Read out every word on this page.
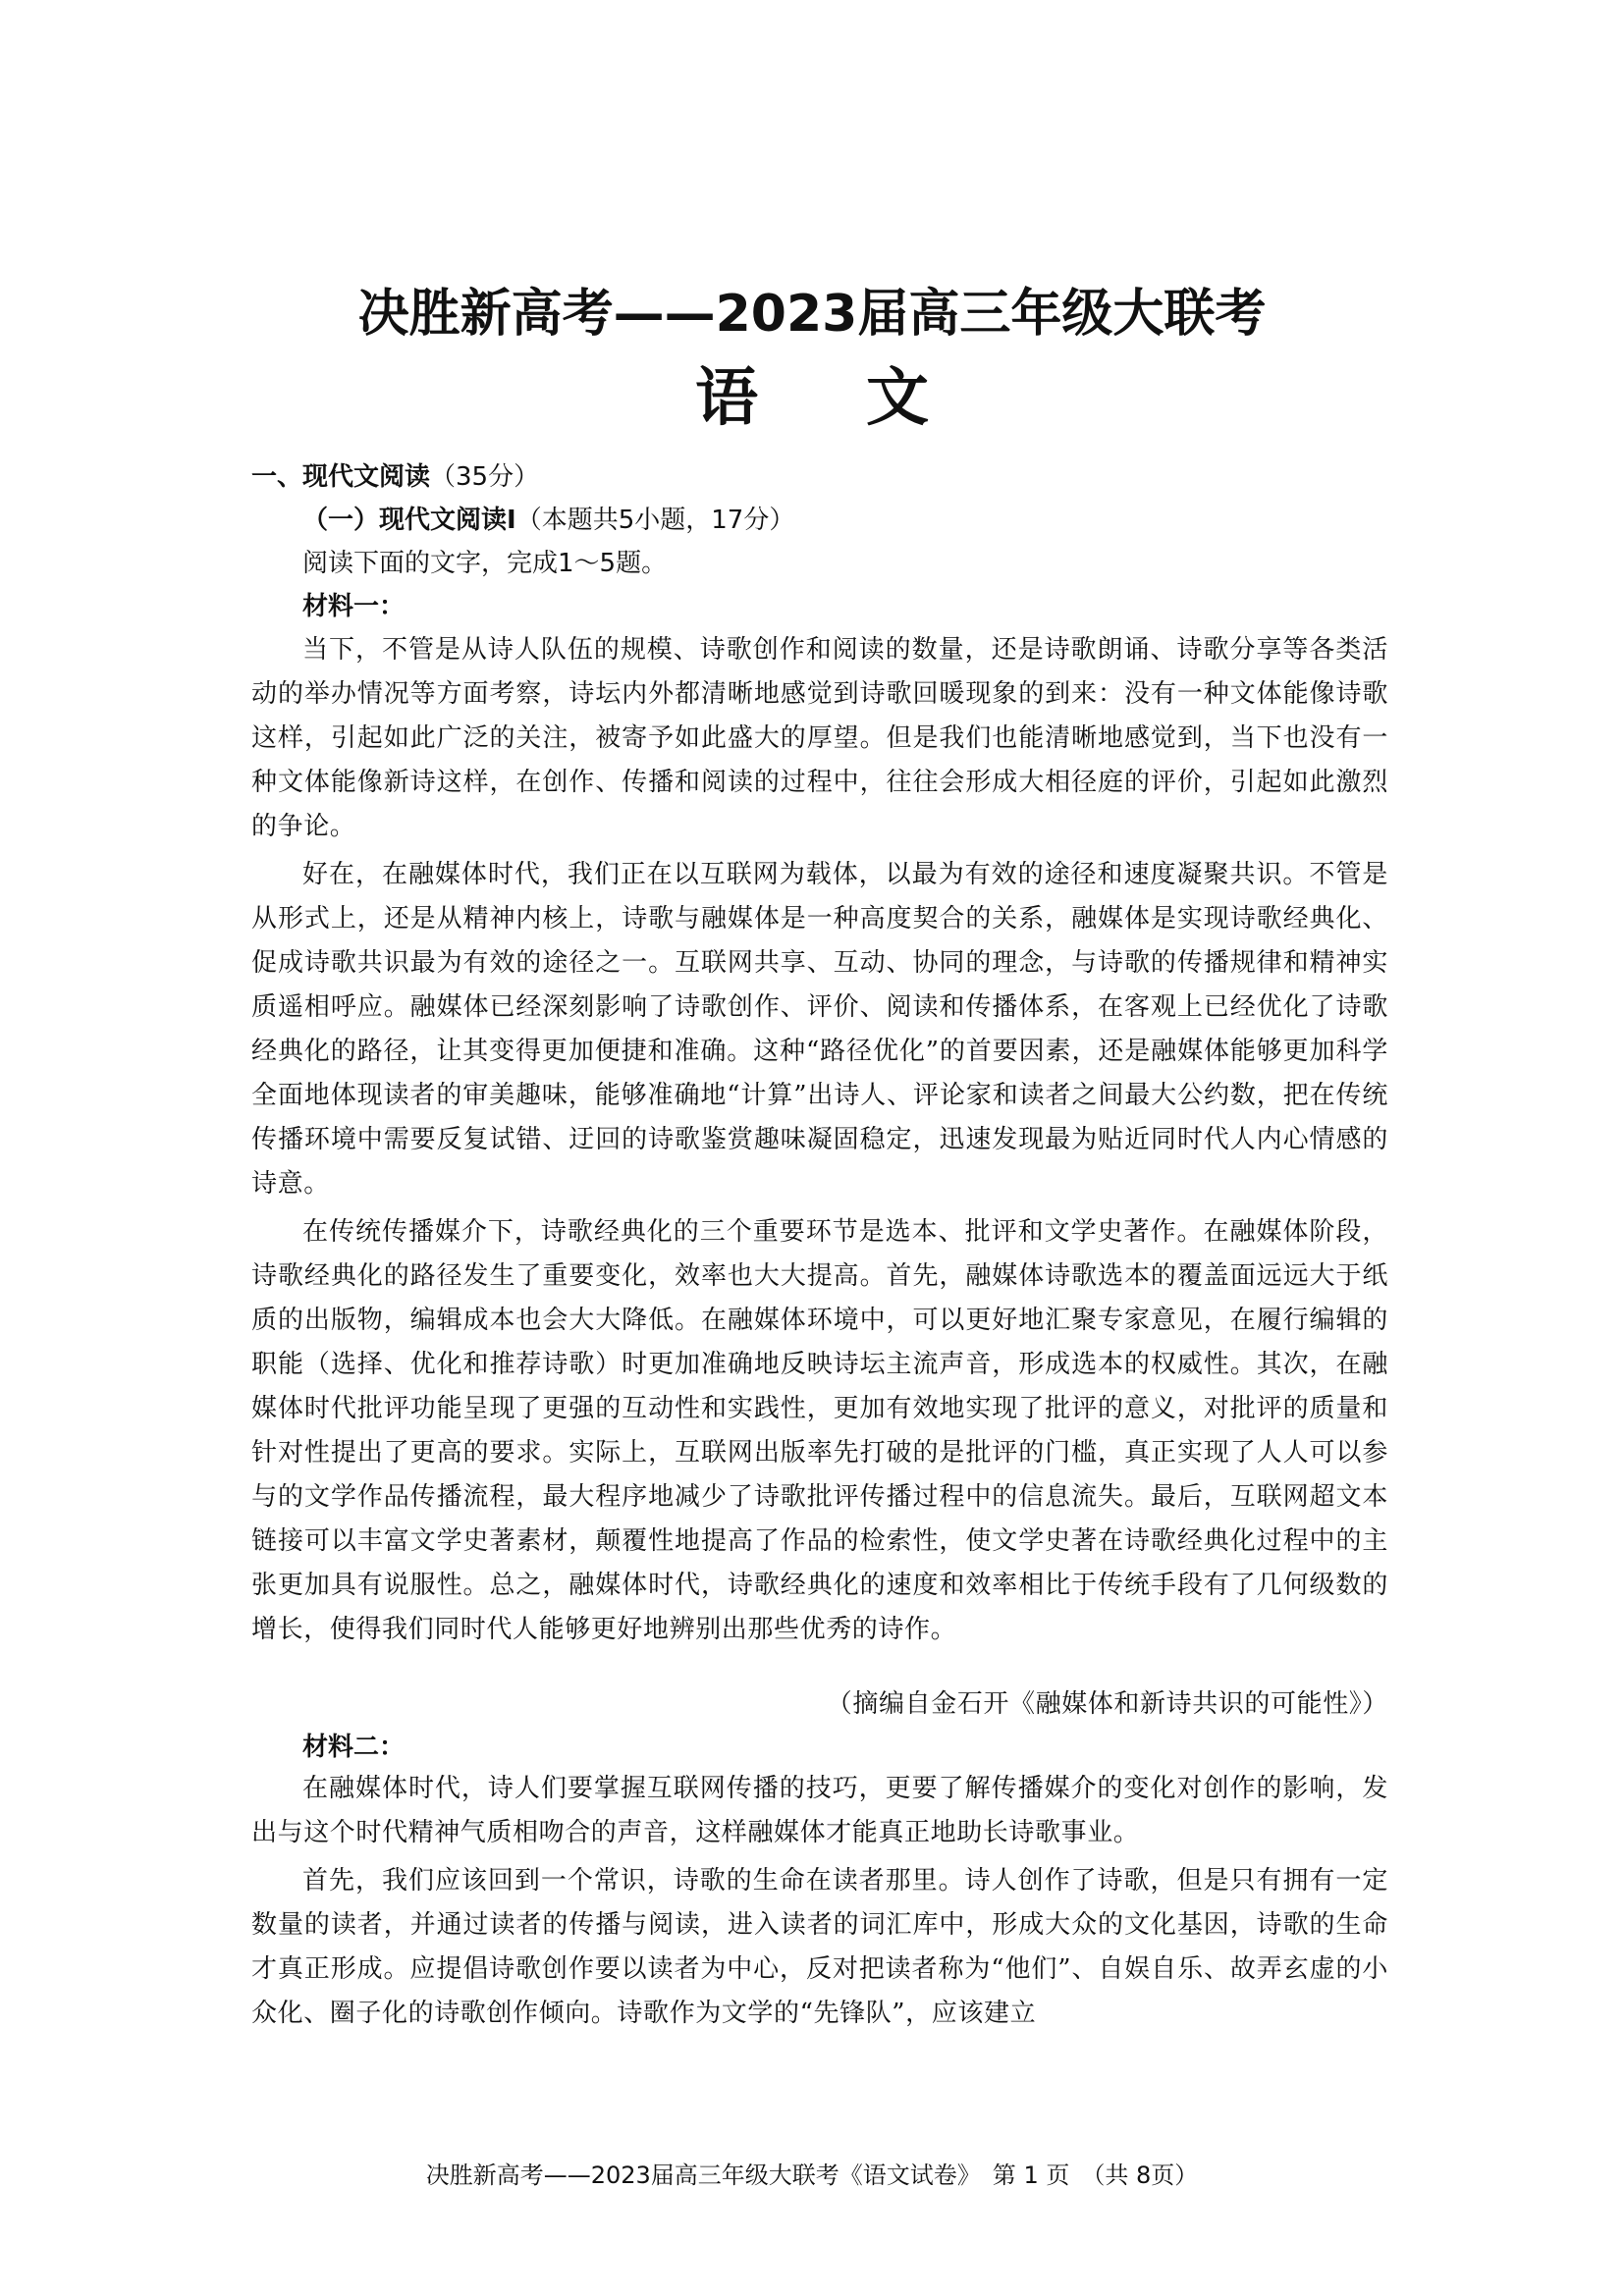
决胜新高考——2023届高三年级大联考
语文
一、现代文阅读（35分）
（一）现代文阅读Ⅰ（本题共5小题，17分）
阅读下面的文字，完成1～5题。
材料一：

当下，不管是从诗人队伍的规模、诗歌创作和阅读的数量，还是诗歌朗诵、诗歌分享等各类活动的举办情况等方面考察，诗坛内外都清晰地感觉到诗歌回暖现象的到来：没有一种文体能像诗歌这样，引起如此广泛的关注，被寄予如此盛大的厚望。但是我们也能清晰地感觉到，当下也没有一种文体能像新诗这样，在创作、传播和阅读的过程中，往往会形成大相径庭的评价，引起如此激烈的争论。

好在，在融媒体时代，我们正在以互联网为载体，以最为有效的途径和速度凝聚共识。不管是从形式上，还是从精神内核上，诗歌与融媒体是一种高度契合的关系，融媒体是实现诗歌经典化、促成诗歌共识最为有效的途径之一。互联网共享、互动、协同的理念，与诗歌的传播规律和精神实质遥相呼应。融媒体已经深刻影响了诗歌创作、评价、阅读和传播体系，在客观上已经优化了诗歌经典化的路径，让其变得更加便捷和准确。这种“路径优化”的首要因素，还是融媒体能够更加科学全面地体现读者的审美趣味，能够准确地“计算”出诗人、评论家和读者之间最大公约数，把在传统传播环境中需要反复试错、迂回的诗歌鉴赏趣味凝固稳定，迅速发现最为贴近同时代人内心情感的诗意。

在传统传播媒介下，诗歌经典化的三个重要环节是选本、批评和文学史著作。在融媒体阶段，诗歌经典化的路径发生了重要变化，效率也大大提高。首先，融媒体诗歌选本的覆盖面远远大于纸质的出版物，编辑成本也会大大降低。在融媒体环境中，可以更好地汇聚专家意见，在履行编辑的职能（选择、优化和推荐诗歌）时更加准确地反映诗坛主流声音，形成选本的权威性。其次，在融媒体时代批评功能呈现了更强的互动性和实践性，更加有效地实现了批评的意义，对批评的质量和针对性提出了更高的要求。实际上，互联网出版率先打破的是批评的门槛，真正实现了人人可以参与的文学作品传播流程，最大程序地减少了诗歌批评传播过程中的信息流失。最后，互联网超文本链接可以丰富文学史著素材，颠覆性地提高了作品的检索性，使文学史著在诗歌经典化过程中的主张更加具有说服性。总之，融媒体时代，诗歌经典化的速度和效率相比于传统手段有了几何级数的增长，使得我们同时代人能够更好地辨别出那些优秀的诗作。

（摘编自金石开《融媒体和新诗共识的可能性》）
材料二：

在融媒体时代，诗人们要掌握互联网传播的技巧，更要了解传播媒介的变化对创作的影响，发出与这个时代精神气质相吻合的声音，这样融媒体才能真正地助长诗歌事业。

首先，我们应该回到一个常识，诗歌的生命在读者那里。诗人创作了诗歌，但是只有拥有一定数量的读者，并通过读者的传播与阅读，进入读者的词汇库中，形成大众的文化基因，诗歌的生命才真正形成。应提倡诗歌创作要以读者为中心，反对把读者称为“他们”、自娱自乐、故弄玄虚的小众化、圈子化的诗歌创作倾向。诗歌作为文学的“先锋队”，应该建立

决胜新高考——2023届高三年级大联考《语文试卷》　第 1 页　（共 8页）
